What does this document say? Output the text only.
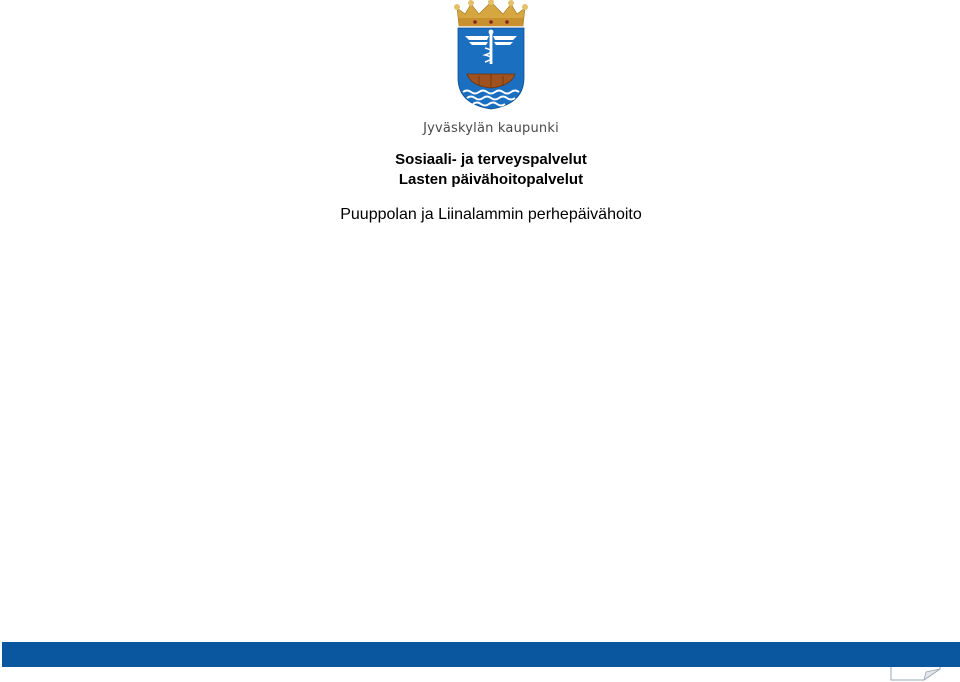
Jyväskylän kaupunki
Sosiaali- ja terveyspalvelut
Lasten päivähoitopalvelut
Puuppolan ja Liinalammin perhepäivähoito
